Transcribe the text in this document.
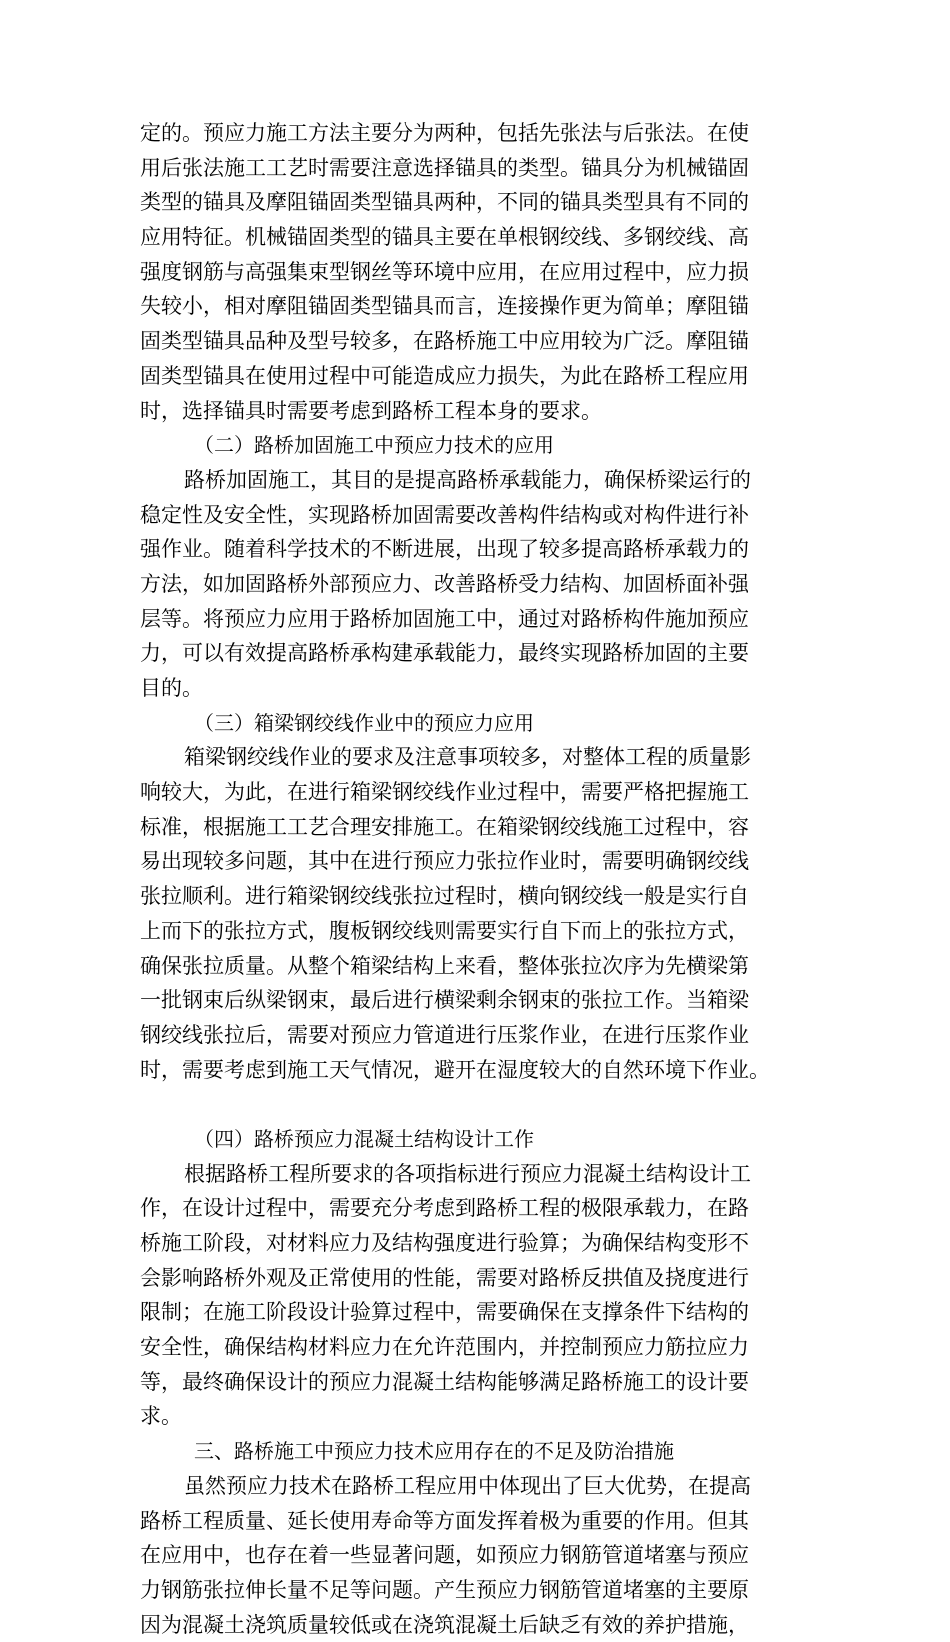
定的。预应力施工方法主要分为两种，包括先张法与后张法。在使
用后张法施工工艺时需要注意选择锚具的类型。锚具分为机械锚固
类型的锚具及摩阻锚固类型锚具两种，不同的锚具类型具有不同的
应用特征。机械锚固类型的锚具主要在单根钢绞线、多钢绞线、高
强度钢筋与高强集束型钢丝等环境中应用，在应用过程中，应力损
失较小，相对摩阻锚固类型锚具而言，连接操作更为简单；摩阻锚
固类型锚具品种及型号较多，在路桥施工中应用较为广泛。摩阻锚
固类型锚具在使用过程中可能造成应力损失，为此在路桥工程应用
时，选择锚具时需要考虑到路桥工程本身的要求。
（二）路桥加固施工中预应力技术的应用
路桥加固施工，其目的是提高路桥承载能力，确保桥梁运行的
稳定性及安全性，实现路桥加固需要改善构件结构或对构件进行补
强作业。随着科学技术的不断进展，出现了较多提高路桥承载力的
方法，如加固路桥外部预应力、改善路桥受力结构、加固桥面补强
层等。将预应力应用于路桥加固施工中，通过对路桥构件施加预应
力，可以有效提高路桥承构建承载能力，最终实现路桥加固的主要
目的。
（三）箱梁钢绞线作业中的预应力应用
箱梁钢绞线作业的要求及注意事项较多，对整体工程的质量影
响较大，为此，在进行箱梁钢绞线作业过程中，需要严格把握施工
标准，根据施工工艺合理安排施工。在箱梁钢绞线施工过程中，容
易出现较多问题，其中在进行预应力张拉作业时，需要明确钢绞线
张拉顺利。进行箱梁钢绞线张拉过程时，横向钢绞线一般是实行自
上而下的张拉方式，腹板钢绞线则需要实行自下而上的张拉方式，
确保张拉质量。从整个箱梁结构上来看，整体张拉次序为先横梁第
一批钢束后纵梁钢束，最后进行横梁剩余钢束的张拉工作。当箱梁
钢绞线张拉后，需要对预应力管道进行压浆作业，在进行压浆作业
时，需要考虑到施工天气情况，避开在湿度较大的自然环境下作业。
（四）路桥预应力混凝土结构设计工作
根据路桥工程所要求的各项指标进行预应力混凝土结构设计工
作，在设计过程中，需要充分考虑到路桥工程的极限承载力，在路
桥施工阶段，对材料应力及结构强度进行验算；为确保结构变形不
会影响路桥外观及正常使用的性能，需要对路桥反拱值及挠度进行
限制；在施工阶段设计验算过程中，需要确保在支撑条件下结构的
安全性，确保结构材料应力在允许范围内，并控制预应力筋拉应力
等，最终确保设计的预应力混凝土结构能够满足路桥施工的设计要
求。
三、路桥施工中预应力技术应用存在的不足及防治措施
虽然预应力技术在路桥工程应用中体现出了巨大优势，在提高
路桥工程质量、延长使用寿命等方面发挥着极为重要的作用。但其
在应用中，也存在着一些显著问题，如预应力钢筋管道堵塞与预应
力钢筋张拉伸长量不足等问题。产生预应力钢筋管道堵塞的主要原
因为混凝土浇筑质量较低或在浇筑混凝土后缺乏有效的养护措施，
